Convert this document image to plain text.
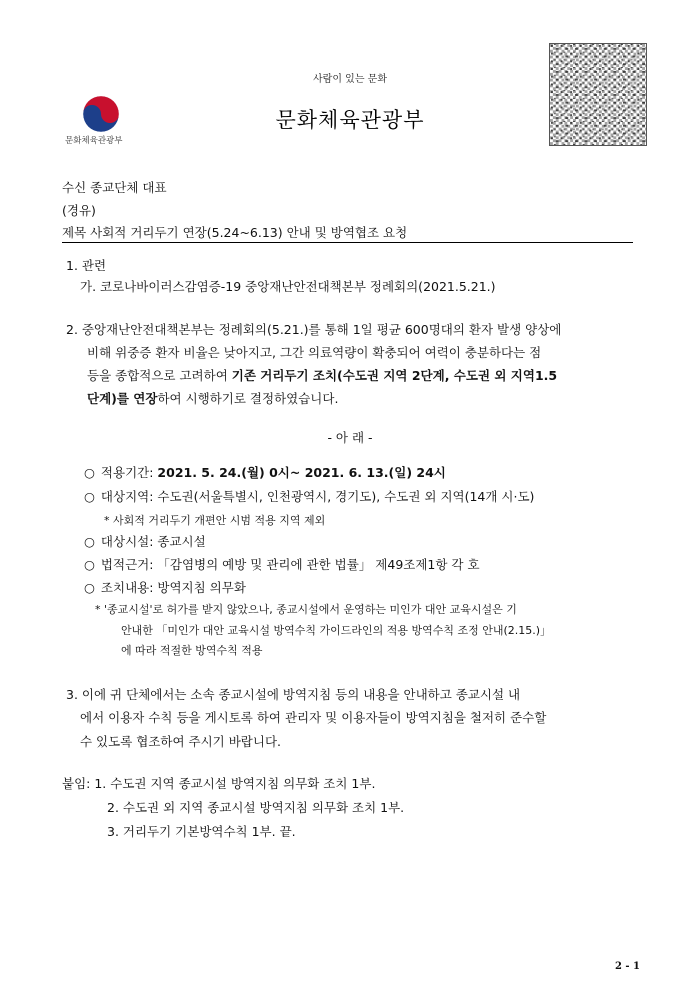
사람이 있는 문화
문화체육관광부
문화체육관광부
수신 종교단체 대표
(경유)
제목 사회적 거리두기 연장(5.24~6.13) 안내 및 방역협조 요청
1. 관련
가. 코로나바이러스감염증-19 중앙재난안전대책본부 정례회의(2021.5.21.)
2. 중앙재난안전대책본부는 정례회의(5.21.)를 통해 1일 평균 600명대의 환자 발생 양상에
비해 위중증 환자 비율은 낮아지고, 그간 의료역량이 확충되어 여력이 충분하다는 점
등을 종합적으로 고려하여 기존 거리두기 조치(수도권 지역 2단계, 수도권 외 지역1.5
단계)를 연장하여 시행하기로 결정하였습니다.
- 아 래 -
○ 적용기간: 2021. 5. 24.(월) 0시~ 2021. 6. 13.(일) 24시
○ 대상지역: 수도권(서울특별시, 인천광역시, 경기도), 수도권 외 지역(14개 시·도)
* 사회적 거리두기 개편안 시범 적용 지역 제외
○ 대상시설: 종교시설
○ 법적근거: 「감염병의 예방 및 관리에 관한 법률」 제49조제1항 각 호
○ 조치내용: 방역지침 의무화
* '종교시설'로 허가를 받지 않았으나, 종교시설에서 운영하는 미인가 대안 교육시설은 기
안내한 「미인가 대안 교육시설 방역수칙 가이드라인의 적용 방역수칙 조정 안내(2.15.)」
에 따라 적절한 방역수칙 적용
3. 이에 귀 단체에서는 소속 종교시설에 방역지침 등의 내용을 안내하고 종교시설 내
에서 이용자 수칙 등을 게시토록 하여 관리자 및 이용자들이 방역지침을 철저히 준수할
수 있도록 협조하여 주시기 바랍니다.
붙임: 1. 수도권 지역 종교시설 방역지침 의무화 조치 1부.
2. 수도권 외 지역 종교시설 방역지침 의무화 조치 1부.
3. 거리두기 기본방역수칙 1부. 끝.
2 - 1
